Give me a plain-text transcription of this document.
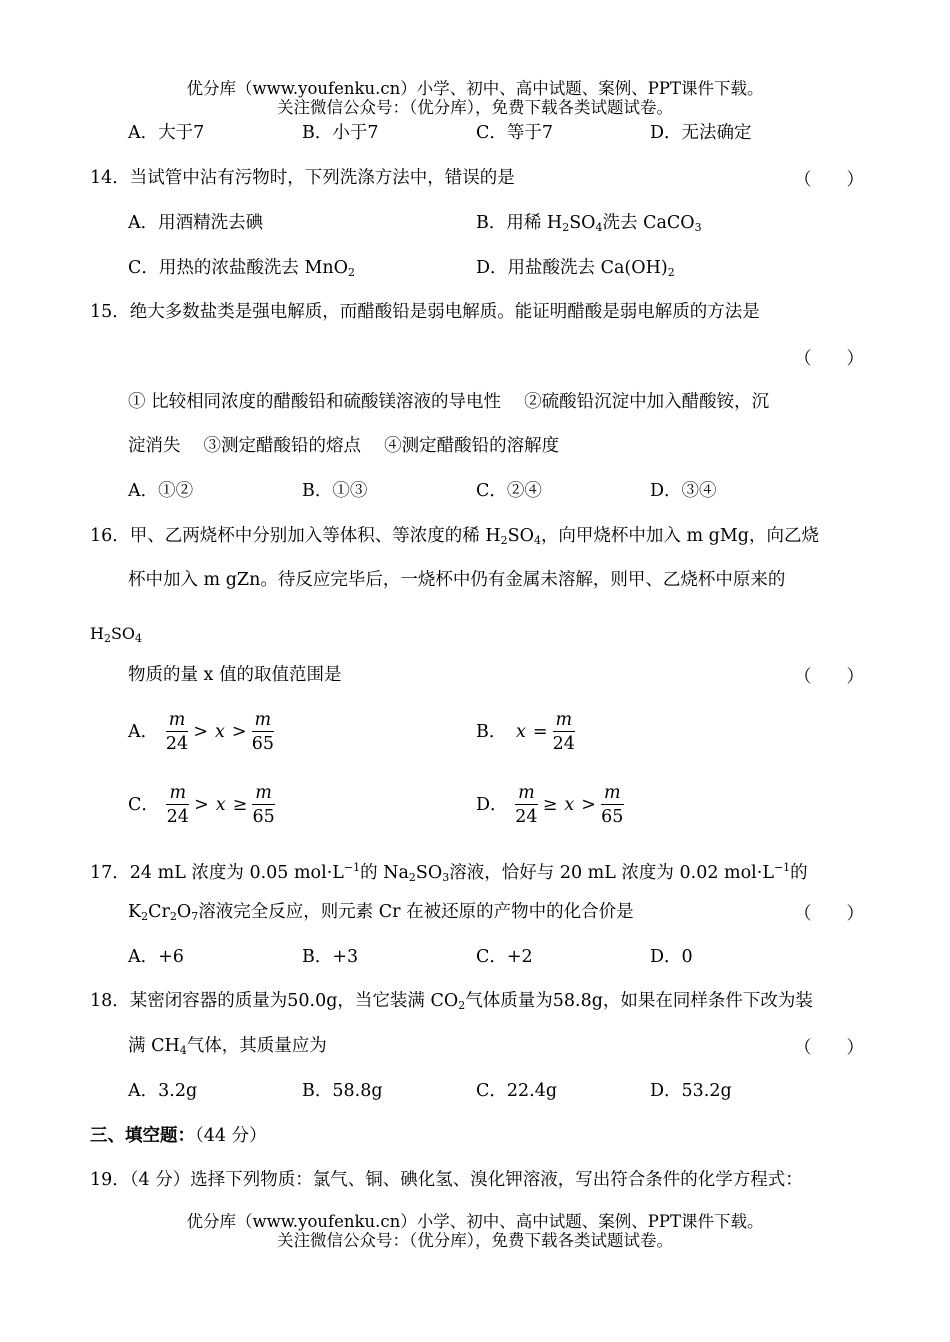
优分库（www.youfenku.cn）小学、初中、高中试题、案例、PPT课件下载。
关注微信公众号：（优分库），免费下载各类试题试卷。
A．大于7	B．小于7	C．等于7	D．无法确定
14．当试管中沾有污物时，下列洗涤方法中，错误的是	（　　）
A．用酒精洗去碘	B．用稀 $H_2SO_4$洗去 CaCO$_3$
C．用热的浓盐酸洗去 MnO$_2$	D．用盐酸洗去 $Ca(OH)_2$
15．绝大多数盐类是强电解质，而醋酸铅是弱电解质。能证明醋酸是弱电解质的方法是
（　　）
① 比较相同浓度的醋酸铅和硫酸镁溶液的导电性　 ②硫酸铅沉淀中加入醋酸铵，沉
淀消失　 ③测定醋酸铅的熔点　 ④测定醋酸铅的溶解度
A．①②	B．①③	C．②④	D．③④
16．甲、乙两烧杯中分别加入等体积、等浓度的稀 $H_2SO_4$，向甲烧杯中加入 m gMg，向乙烧
杯中加入 m gZn。待反应完毕后，一烧杯中仍有金属未溶解，则甲、乙烧杯中原来的
$H_2SO_4$
物质的量 x 值的取值范围是	（　　）
A． $\frac{m}{24} > x > \frac{m}{65}$	B． $x = \frac{m}{24}$
C． $\frac{m}{24} > x \ge \frac{m}{65}$	D． $\frac{m}{24} \ge x > \frac{m}{65}$
17．24 mL 浓度为 0.05 $mol\cdot L^{-1}$的 $Na_2SO_3$溶液，恰好与 20 mL 浓度为 0.02 $mol\cdot L^{-1}$的
$K_2Cr_2O_7$溶液完全反应，则元素 Cr 在被还原的产物中的化合价是	（　　）
A．+6	B．+3	C．+2	D．0
18．某密闭容器的质量为50.0g，当它装满 $CO_2$气体质量为58.8g，如果在同样条件下改为装
满 $CH_4$气体，其质量应为	（　　）
A．3.2g	B．58.8g	C．22.4g	D．53.2g
三、填空题：（44 分）
19．（4 分）选择下列物质：氯气、铜、碘化氢、溴化钾溶液，写出符合条件的化学方程式：
优分库（www.youfenku.cn）小学、初中、高中试题、案例、PPT课件下载。
关注微信公众号：（优分库），免费下载各类试题试卷。
